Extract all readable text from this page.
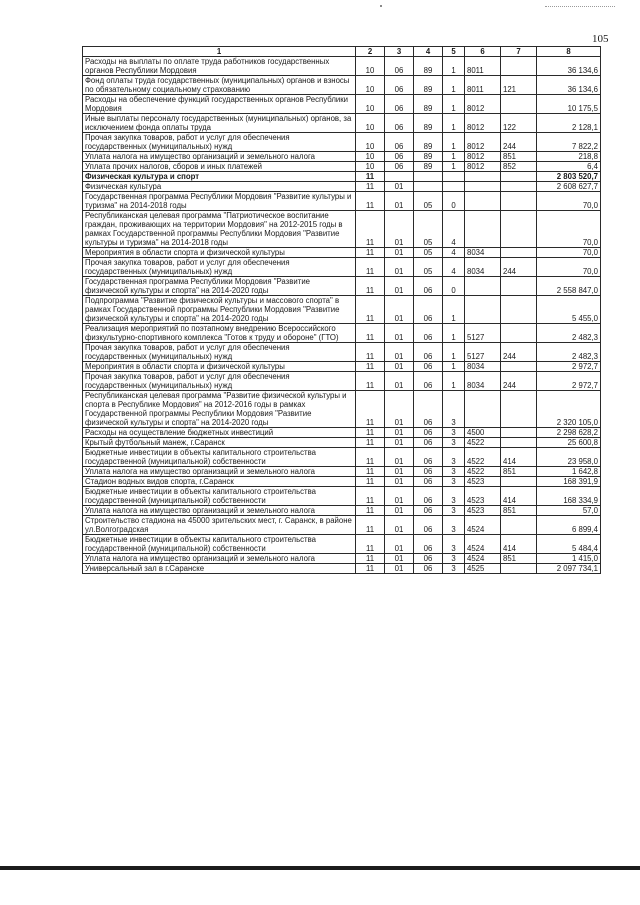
105
1	2	3	4	5	6	7	8
Расходы на выплаты по оплате труда работников государственных органов Республики Мордовия	10	06	89	1	8011		36 134,6
Фонд оплаты труда государственных (муниципальных) органов и взносы по обязательному социальному страхованию	10	06	89	1	8011	121	36 134,6
Расходы на обеспечение функций государственных органов Республики Мордовия	10	06	89	1	8012		10 175,5
Иные выплаты персоналу государственных (муниципальных) органов, за исключением фонда оплаты труда	10	06	89	1	8012	122	2 128,1
Прочая закупка товаров, работ и услуг для обеспечения государственных (муниципальных) нужд	10	06	89	1	8012	244	7 822,2
Уплата налога на имущество организаций и земельного налога	10	06	89	1	8012	851	218,8
Уплата прочих налогов, сборов и иных платежей	10	06	89	1	8012	852	6,4
Физическая культура и спорт	11						2 803 520,7
Физическая культура	11	01					2 608 627,7
Государственная программа Республики Мордовия "Развитие культуры и туризма" на 2014-2018 годы	11	01	05	0			70,0
Республиканская целевая программа "Патриотическое воспитание граждан, проживающих на территории Мордовия" на 2012-2015 годы в рамках Государственной программы Республики Мордовия "Развитие культуры и туризма" на 2014-2018 годы	11	01	05	4			70,0
Мероприятия в области спорта и физической культуры	11	01	05	4	8034		70,0
Прочая закупка товаров, работ и услуг для обеспечения государственных (муниципальных) нужд	11	01	05	4	8034	244	70,0
Государственная программа Республики Мордовия "Развитие физической культуры и спорта" на 2014-2020 годы	11	01	06	0			2 558 847,0
Подпрограмма "Развитие физической культуры и массового спорта" в рамках Государственной программы Республики Мордовия "Развитие физической культуры и спорта" на 2014-2020 годы	11	01	06	1			5 455,0
Реализация мероприятий по поэтапному внедрению Всероссийского физкультурно-спортивного комплекса "Готов к труду и обороне" (ГТО)	11	01	06	1	5127		2 482,3
Прочая закупка товаров, работ и услуг для обеспечения государственных (муниципальных) нужд	11	01	06	1	5127	244	2 482,3
Мероприятия в области спорта и физической культуры	11	01	06	1	8034		2 972,7
Прочая закупка товаров, работ и услуг для обеспечения государственных (муниципальных) нужд	11	01	06	1	8034	244	2 972,7
Республиканская целевая программа "Развитие физической культуры и спорта в Республике Мордовия" на 2012-2016 годы в рамках Государственной программы Республики Мордовия "Развитие физической культуры и спорта" на 2014-2020 годы	11	01	06	3			2 320 105,0
Расходы на осуществление бюджетных инвестиций	11	01	06	3	4500		2 298 628,2
Крытый футбольный манеж, г.Саранск	11	01	06	3	4522		25 600,8
Бюджетные инвестиции в объекты капитального строительства государственной (муниципальной) собственности	11	01	06	3	4522	414	23 958,0
Уплата налога на имущество организаций и земельного налога	11	01	06	3	4522	851	1 642,8
Стадион водных видов спорта, г.Саранск	11	01	06	3	4523		168 391,9
Бюджетные инвестиции в объекты капитального строительства государственной (муниципальной) собственности	11	01	06	3	4523	414	168 334,9
Уплата налога на имущество организаций и земельного налога	11	01	06	3	4523	851	57,0
Строительство стадиона на 45000 зрительских мест, г. Саранск, в районе ул.Волгоградская	11	01	06	3	4524		6 899,4
Бюджетные инвестиции в объекты капитального строительства государственной (муниципальной) собственности	11	01	06	3	4524	414	5 484,4
Уплата налога на имущество организаций и земельного налога	11	01	06	3	4524	851	1 415,0
Универсальный зал в г.Саранске	11	01	06	3	4525		2 097 734,1
